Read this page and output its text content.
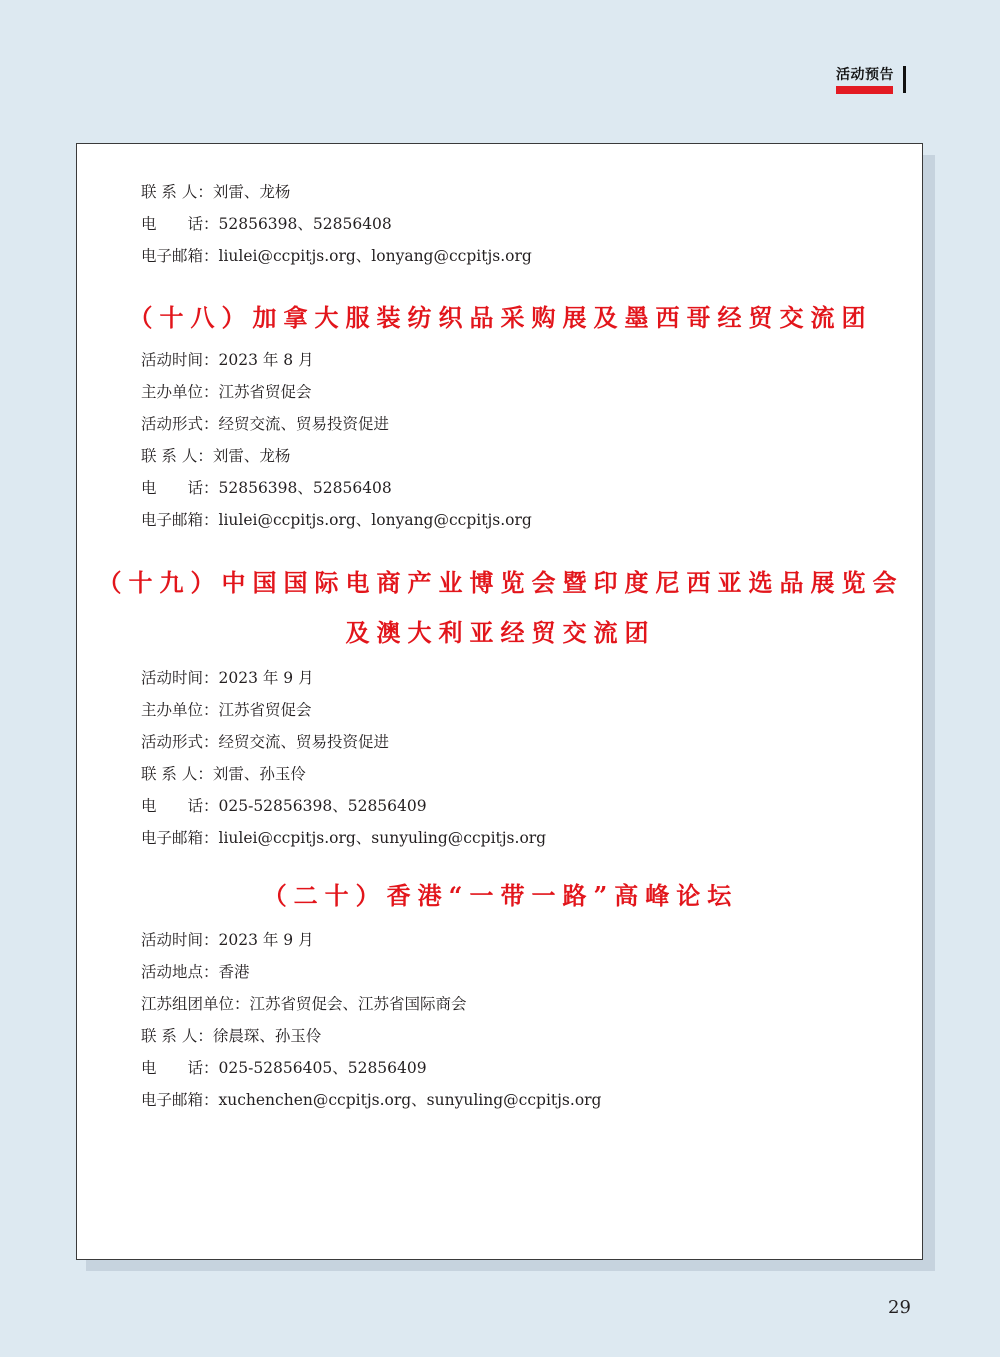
活动预告
联 系 人：刘雷、龙杨
电　　话：52856398、52856408
电子邮箱：liulei@ccpitjs.org、lonyang@ccpitjs.org
（十八）加拿大服装纺织品采购展及墨西哥经贸交流团
活动时间：2023 年 8 月
主办单位：江苏省贸促会
活动形式：经贸交流、贸易投资促进
联 系 人：刘雷、龙杨
电　　话：52856398、52856408
电子邮箱：liulei@ccpitjs.org、lonyang@ccpitjs.org
（十九）中国国际电商产业博览会暨印度尼西亚选品展览会
及澳大利亚经贸交流团
活动时间：2023 年 9 月
主办单位：江苏省贸促会
活动形式：经贸交流、贸易投资促进
联 系 人：刘雷、孙玉伶
电　　话：025-52856398、52856409
电子邮箱：liulei@ccpitjs.org、sunyuling@ccpitjs.org
（二十）香港“一带一路”高峰论坛
活动时间：2023 年 9 月
活动地点：香港
江苏组团单位：江苏省贸促会、江苏省国际商会
联 系 人：徐晨琛、孙玉伶
电　　话：025-52856405、52856409
电子邮箱：xuchenchen@ccpitjs.org、sunyuling@ccpitjs.org
29
